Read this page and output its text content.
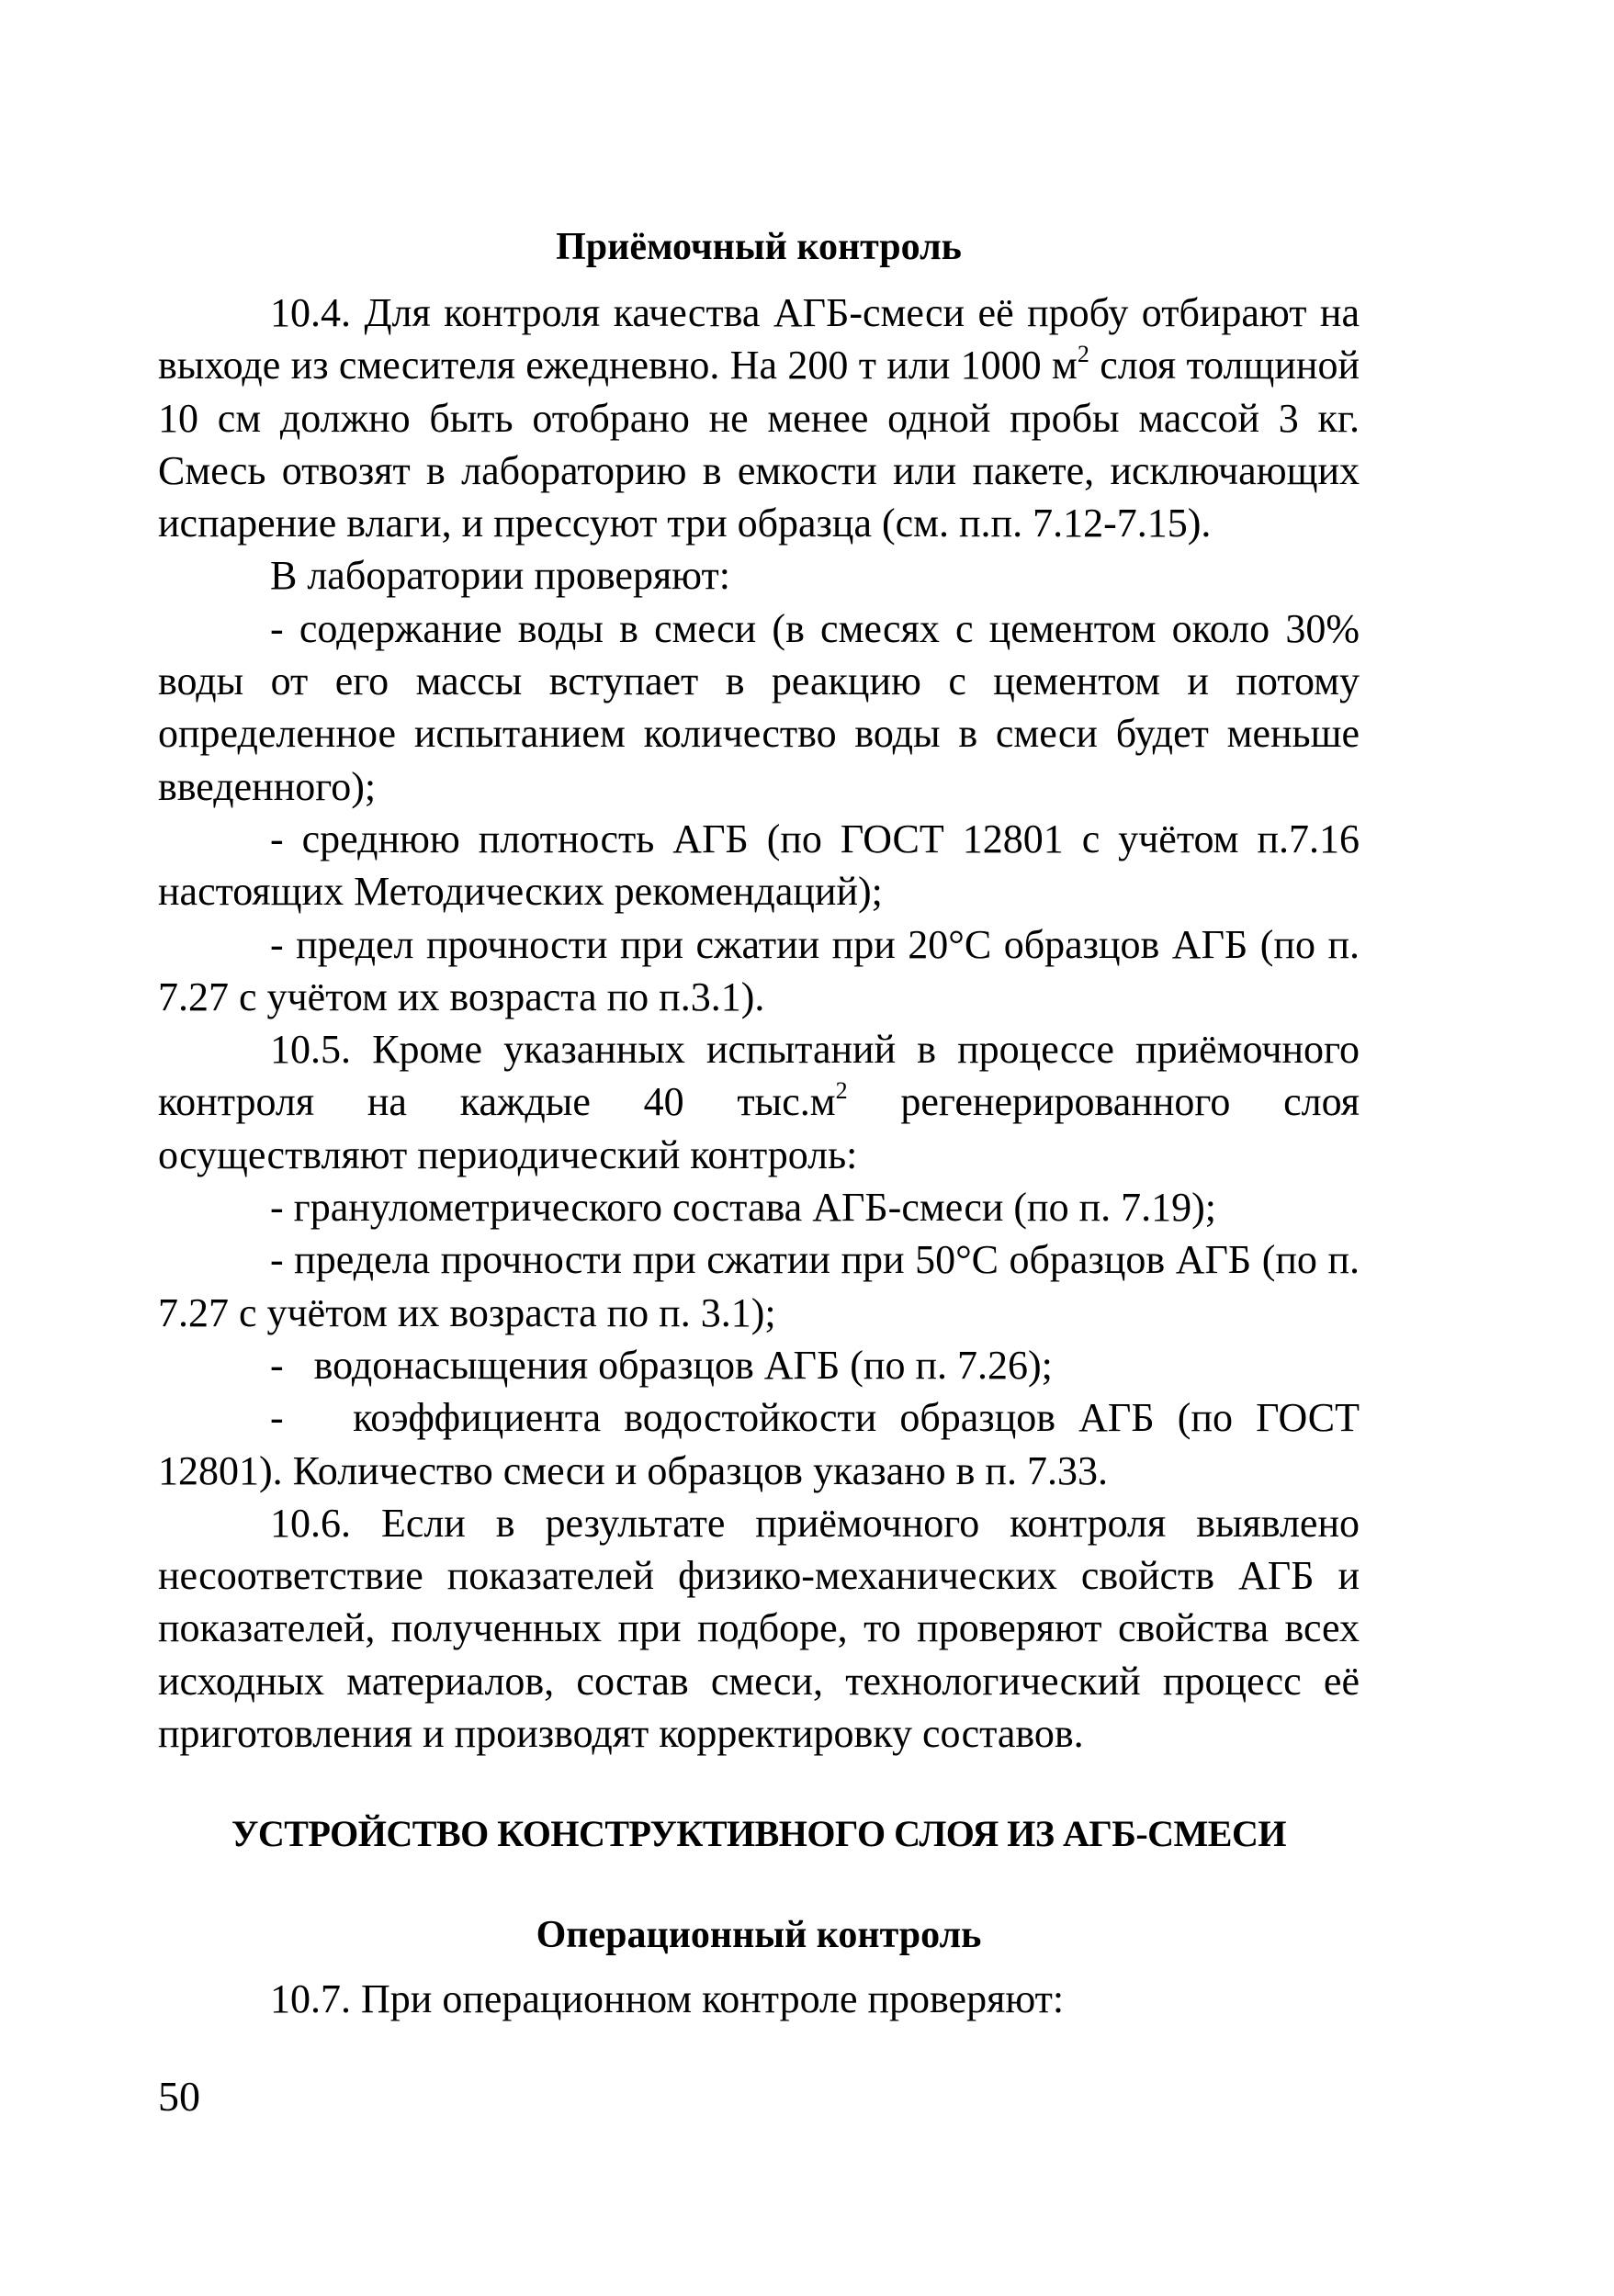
Приёмочный контроль

10.4. Для контроля качества АГБ-смеси её пробу отбирают на выходе из смесителя ежедневно. На 200 т или 1000 $м^2$ слоя толщиной 10 см должно быть отобрано не менее одной пробы массой 3 кг. Смесь отвозят в лабораторию в емкости или пакете, исключающих испарение влаги, и прессуют три образца (см. п.п. 7.12-7.15).

В лаборатории проверяют:

- содержание воды в смеси (в смесях с цементом около 30% воды от его массы вступает в реакцию с цементом и потому определенное испытанием количество воды в смеси будет меньше введенного);

- среднюю плотность АГБ (по ГОСТ 12801 с учётом п.7.16 настоящих Методических рекомендаций);

- предел прочности при сжатии при 20°С образцов АГБ (по п. 7.27 с учётом их возраста по п.3.1).

10.5. Кроме указанных испытаний в процессе приёмочного контроля на каждые 40 $тыс.м^2$ регенерированного слоя осуществляют периодический контроль:

- гранулометрического состава АГБ-смеси (по п. 7.19);

- предела прочности при сжатии при 50°С образцов АГБ (по п. 7.27 с учётом их возраста по п. 3.1);

-   водонасыщения образцов АГБ (по п. 7.26);

-   коэффициента водостойкости образцов АГБ (по ГОСТ 12801). Количество смеси и образцов указано в п. 7.33.

10.6. Если в результате приёмочного контроля выявлено несоответствие показателей физико-механических свойств АГБ и показателей, полученных при подборе, то проверяют свойства всех исходных материалов, состав смеси, технологический процесс её приготовления и производят корректировку составов.

УСТРОЙСТВО КОНСТРУКТИВНОГО СЛОЯ ИЗ АГБ-СМЕСИ

Операционный контроль

10.7. При операционном контроле проверяют:

50
